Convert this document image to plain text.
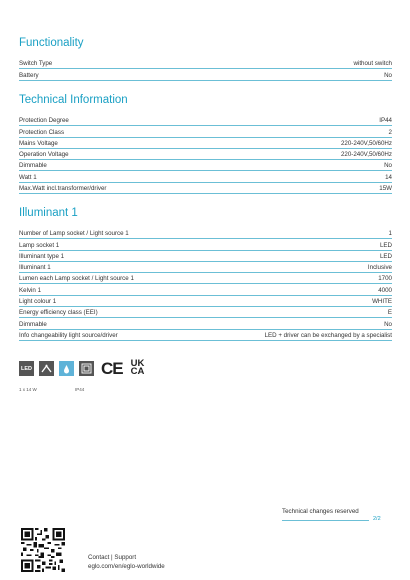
Functionality
Switch Type	without switch
Battery	No
Technical Information
Protection Degree	IP44
Protection Class	2
Mains Voltage	220-240V,50/60Hz
Operation Voltage	220-240V,50/60Hz
Dimmable	No
Watt 1	14
Max.Watt incl.transformer/driver	15W
Illuminant 1
Number of Lamp socket / Light source 1	1
Lamp socket 1	LED
Illuminant type 1	LED
Illuminant 1	Inclusive
Lumen each Lamp socket / Light source 1	1700
Kelvin 1	4000
Light colour 1	WHITE
Energy efficiency class (EEI)	E
Dimmable	No
Info changeability light source/driver	LED + driver can be exchanged by a specialist
LED	CE UK
CA
1 x 14 W	IP44
Technical changes reserved
2/2
Contact | Support
eglo.com/en/eglo-worldwide
